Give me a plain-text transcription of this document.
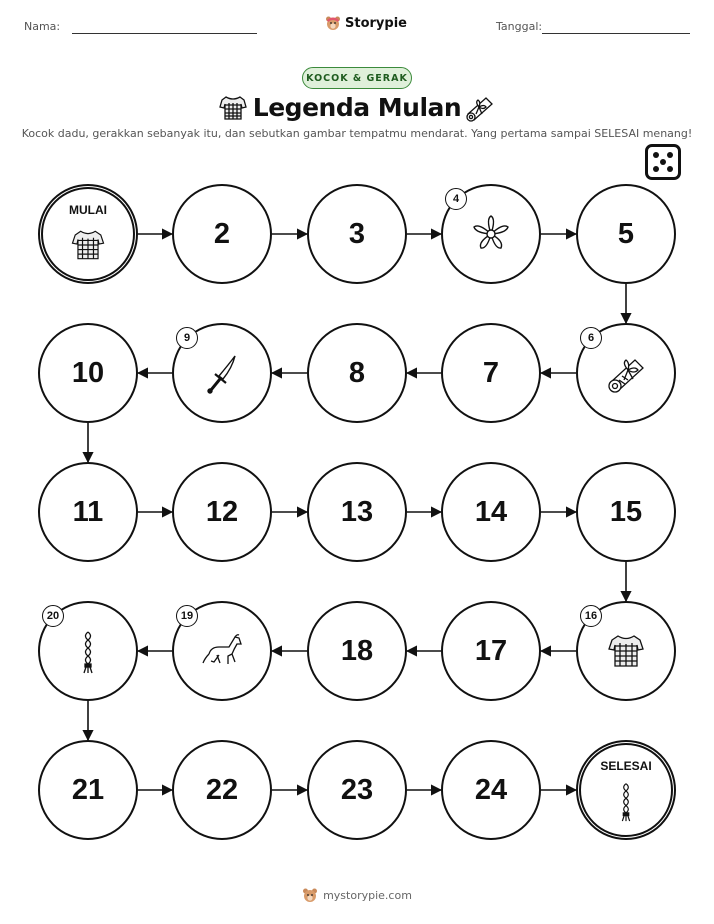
Nama:	Storypie	Tanggal:
KOCOK & GERAK
Legenda Mulan
Kocok dadu, gerakkan sebanyak itu, dan sebutkan gambar tempatmu mendarat. Yang pertama sampai SELESAI menang!
MULAI
2	3
4
5
6
7
8
9
10
11	12	13	14	15
16
17
18
19
20
21	22	23	24
SELESAI
mystorypie.com
